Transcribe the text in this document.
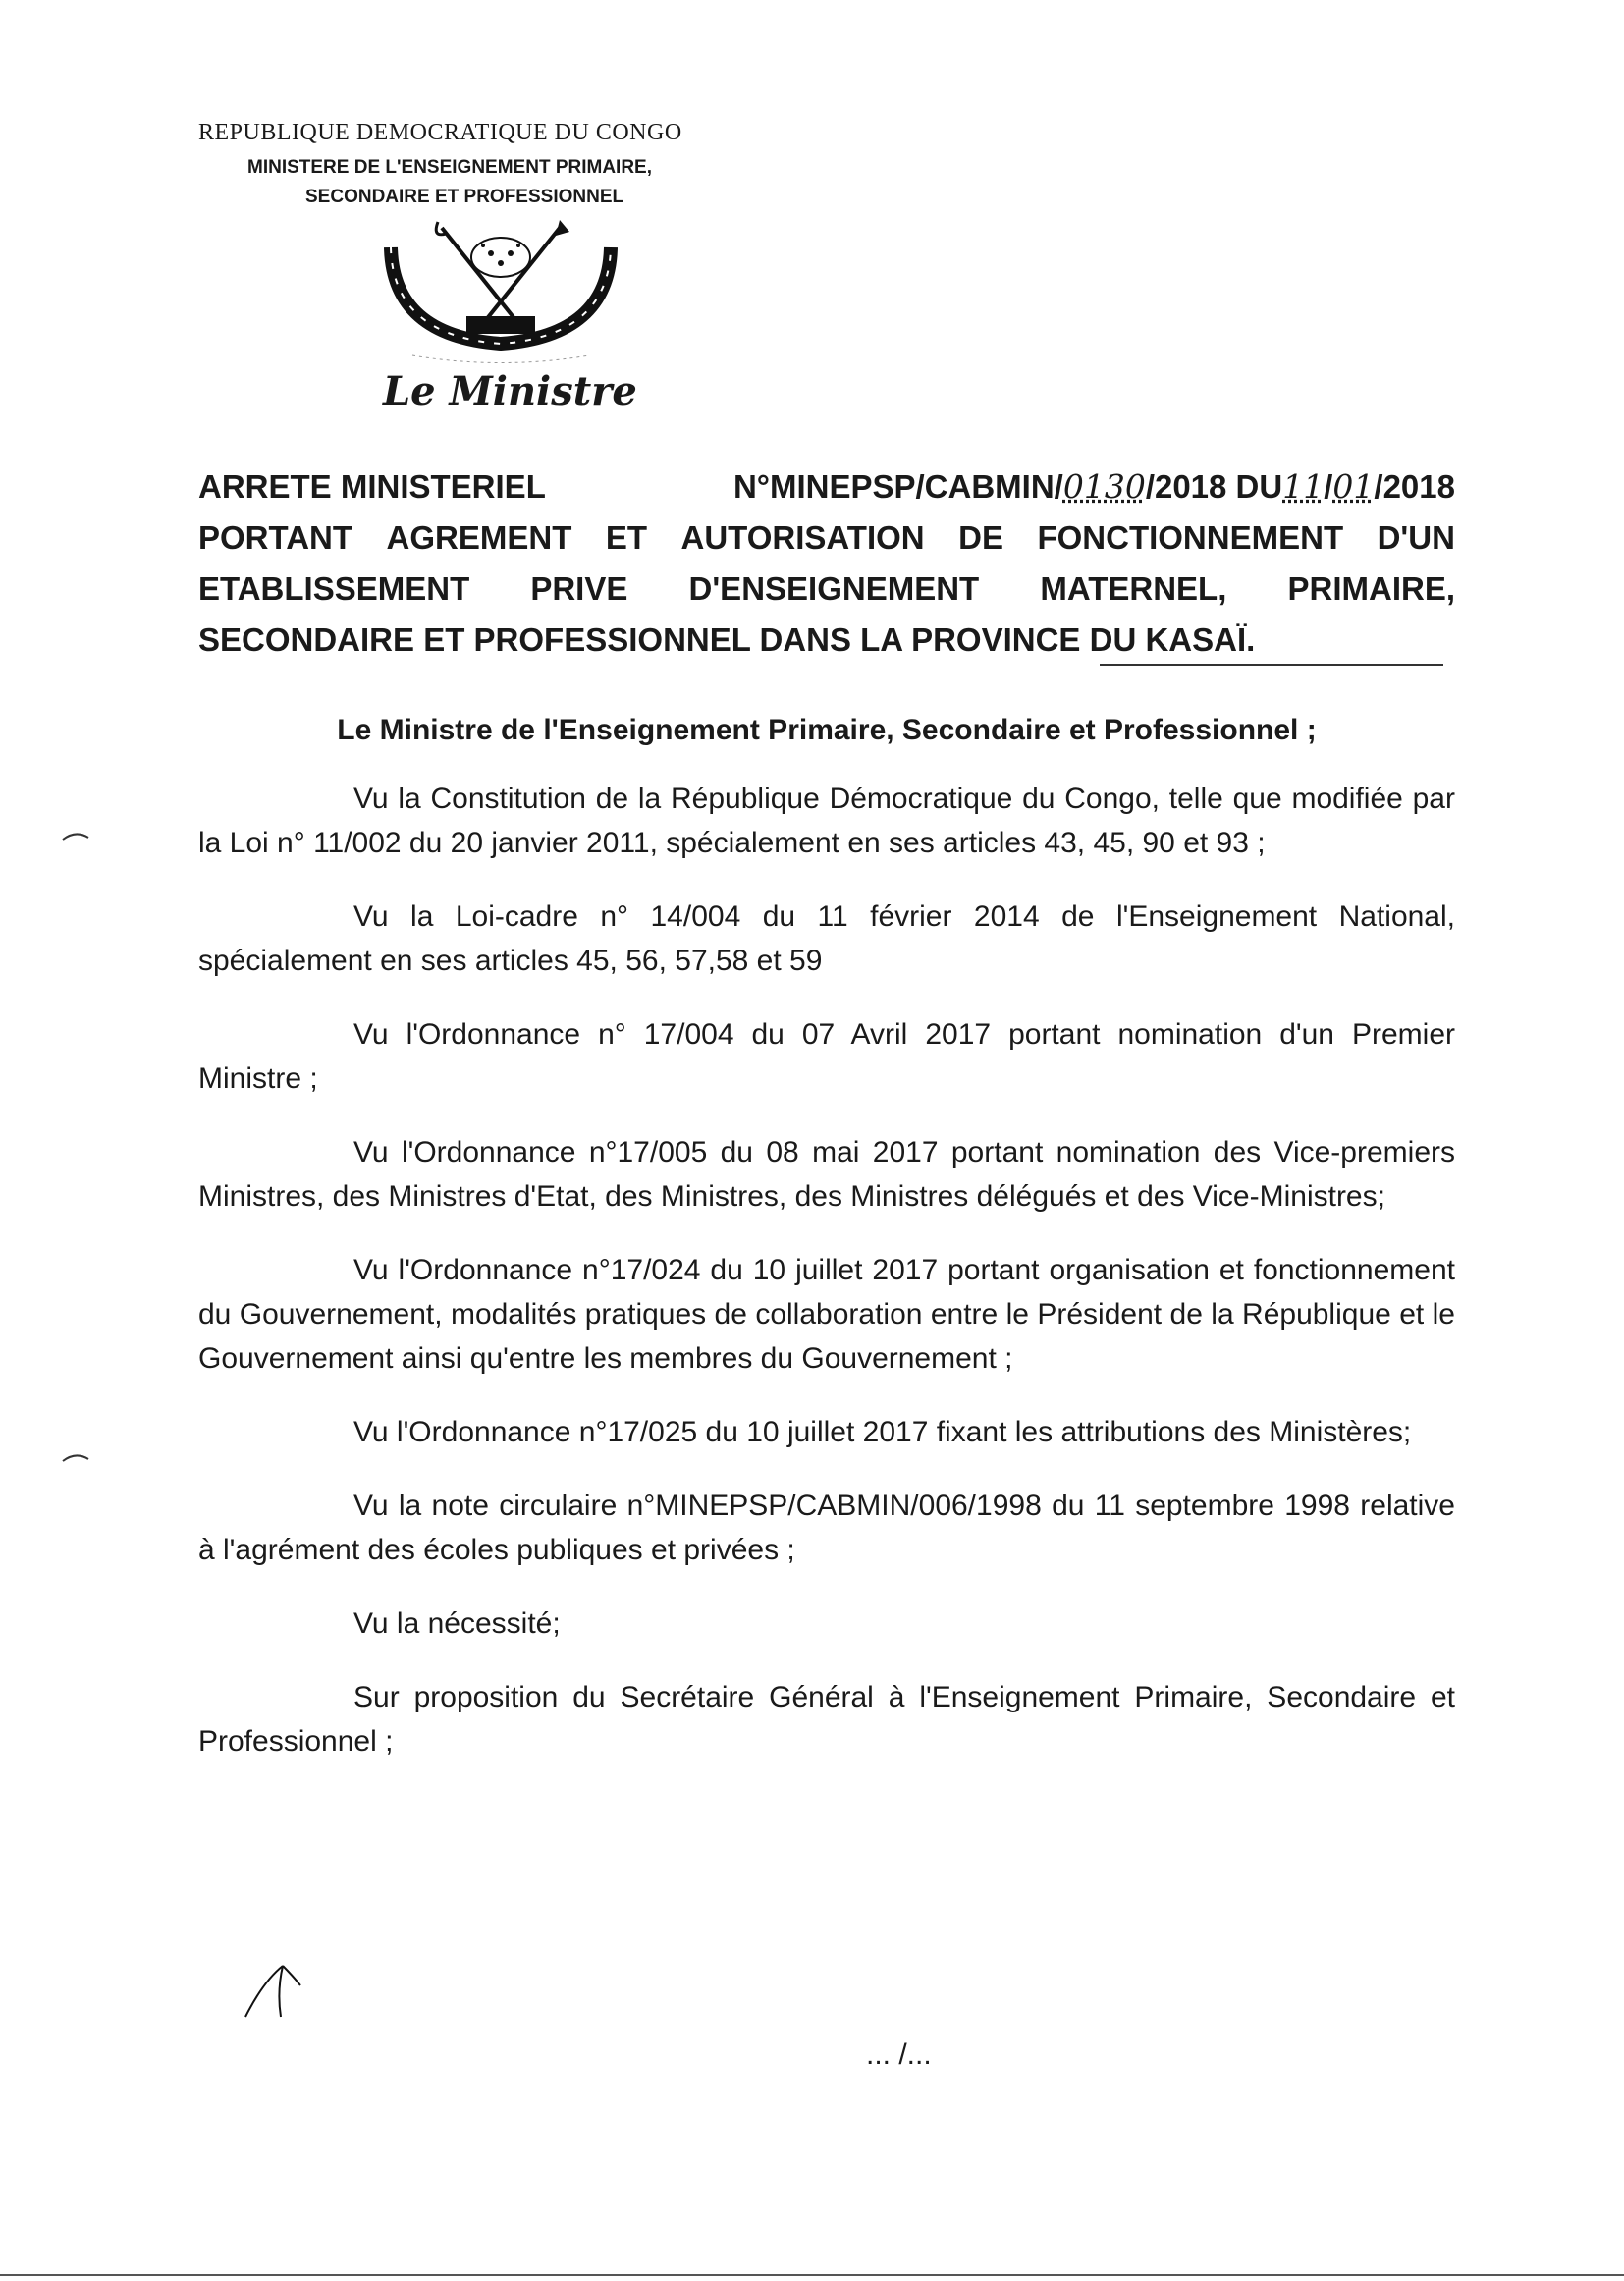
REPUBLIQUE DEMOCRATIQUE DU CONGO
MINISTERE DE L'ENSEIGNEMENT PRIMAIRE,
SECONDAIRE ET PROFESSIONNEL
Le Ministre
ARRETE MINISTERIEL	N°MINEPSP/CABMIN/0130/2018 DU11/01/2018
PORTANT AGREMENT ET AUTORISATION DE FONCTIONNEMENT D'UN
ETABLISSEMENT PRIVE D'ENSEIGNEMENT MATERNEL, PRIMAIRE,
SECONDAIRE ET PROFESSIONNEL DANS LA PROVINCE DU KASAÏ.

Le Ministre de l'Enseignement Primaire, Secondaire et Professionnel ;

Vu la Constitution de la République Démocratique du Congo, telle que modifiée par la Loi n° 11/002 du 20 janvier 2011, spécialement en ses articles 43, 45, 90 et 93 ;

Vu la Loi-cadre n° 14/004 du 11 février 2014 de l'Enseignement National, spécialement en ses articles 45, 56, 57,58 et 59

Vu l'Ordonnance n° 17/004 du 07 Avril 2017 portant nomination d'un Premier Ministre ;

Vu l'Ordonnance n°17/005 du 08 mai 2017 portant nomination des Vice-premiers Ministres, des Ministres d'Etat, des Ministres, des Ministres délégués et des Vice-Ministres;

Vu l'Ordonnance n°17/024 du 10 juillet 2017 portant organisation et fonctionnement du Gouvernement, modalités pratiques de collaboration entre le Président de la République et le Gouvernement ainsi qu'entre les membres du Gouvernement ;

Vu l'Ordonnance n°17/025 du 10 juillet 2017 fixant les attributions des Ministères;

Vu la note circulaire n°MINEPSP/CABMIN/006/1998 du 11 septembre 1998 relative à l'agrément des écoles publiques et privées ;

Vu la nécessité;

Sur proposition du Secrétaire Général à l'Enseignement Primaire, Secondaire et Professionnel ;

... /...
